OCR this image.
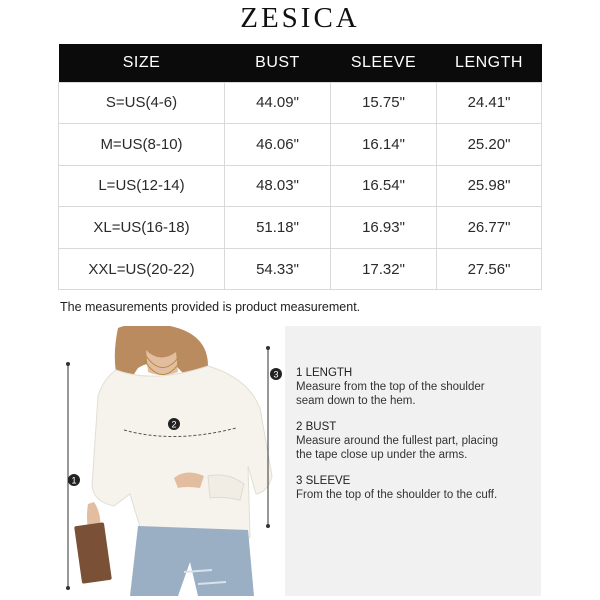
ZESICA
SIZE	BUST	SLEEVE	LENGTH
S=US(4-6)	44.09"	15.75"	24.41"
M=US(8-10)	46.06"	16.14"	25.20"
L=US(12-14)	48.03"	16.54"	25.98"
XL=US(16-18)	51.18"	16.93"	26.77"
XXL=US(20-22)	54.33"	17.32"	27.56"
The measurements provided is product measurement.
1
2
3 1 LENGTH
Measure from the top of the shoulder
seam down to the hem.
2 BUST
Measure around the fullest part, placing
the tape close up under the arms.
3 SLEEVE
From the top of the shoulder to the cuff.
